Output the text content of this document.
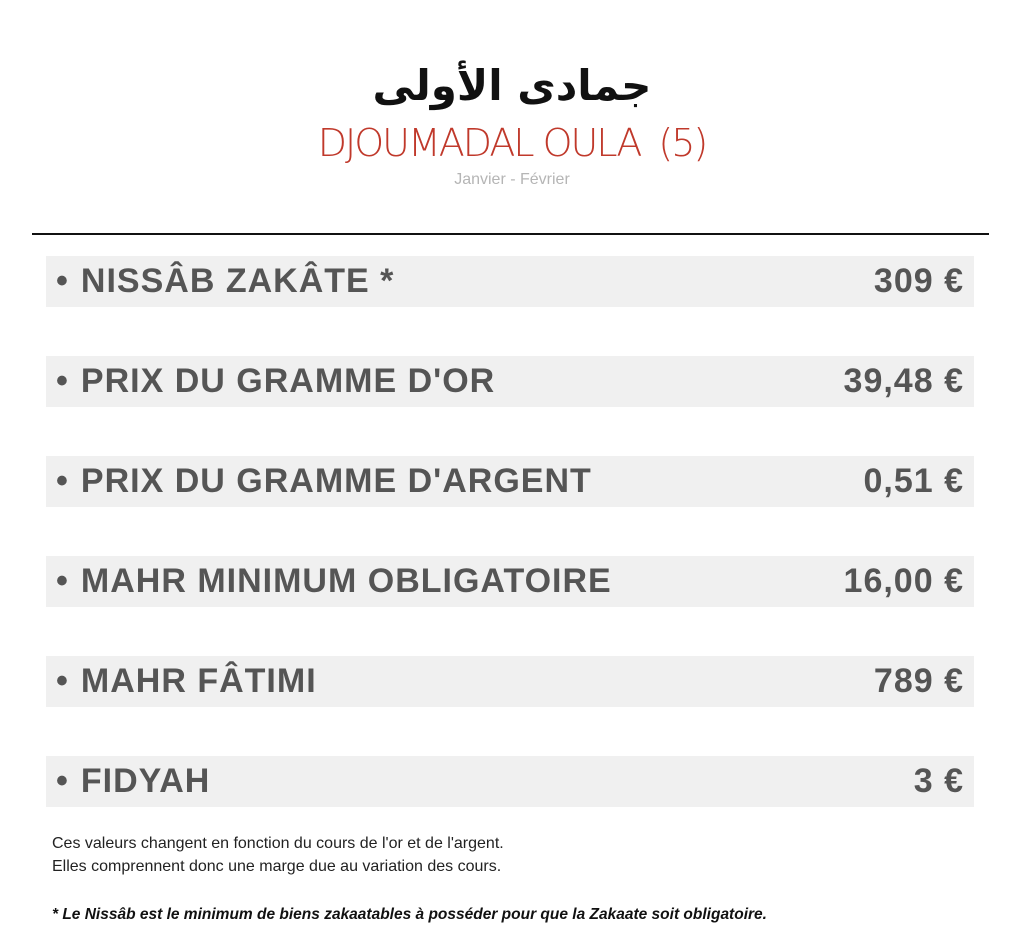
جمادى الأولى
DJOUMADAL OULA (5)
Janvier - Février
• NISSÂB ZAKÂTE *	309 €
• PRIX DU GRAMME D'OR	39,48 €
• PRIX DU GRAMME D'ARGENT	0,51 €
• MAHR MINIMUM OBLIGATOIRE	16,00 €
• MAHR FÂTIMI	789 €
• FIDYAH	3 €
Ces valeurs changent en fonction du cours de l'or et de l'argent.
Elles comprennent donc une marge due au variation des cours.
* Le Nissâb est le minimum de biens zakaatables à posséder pour que la Zakaate soit obligatoire.
